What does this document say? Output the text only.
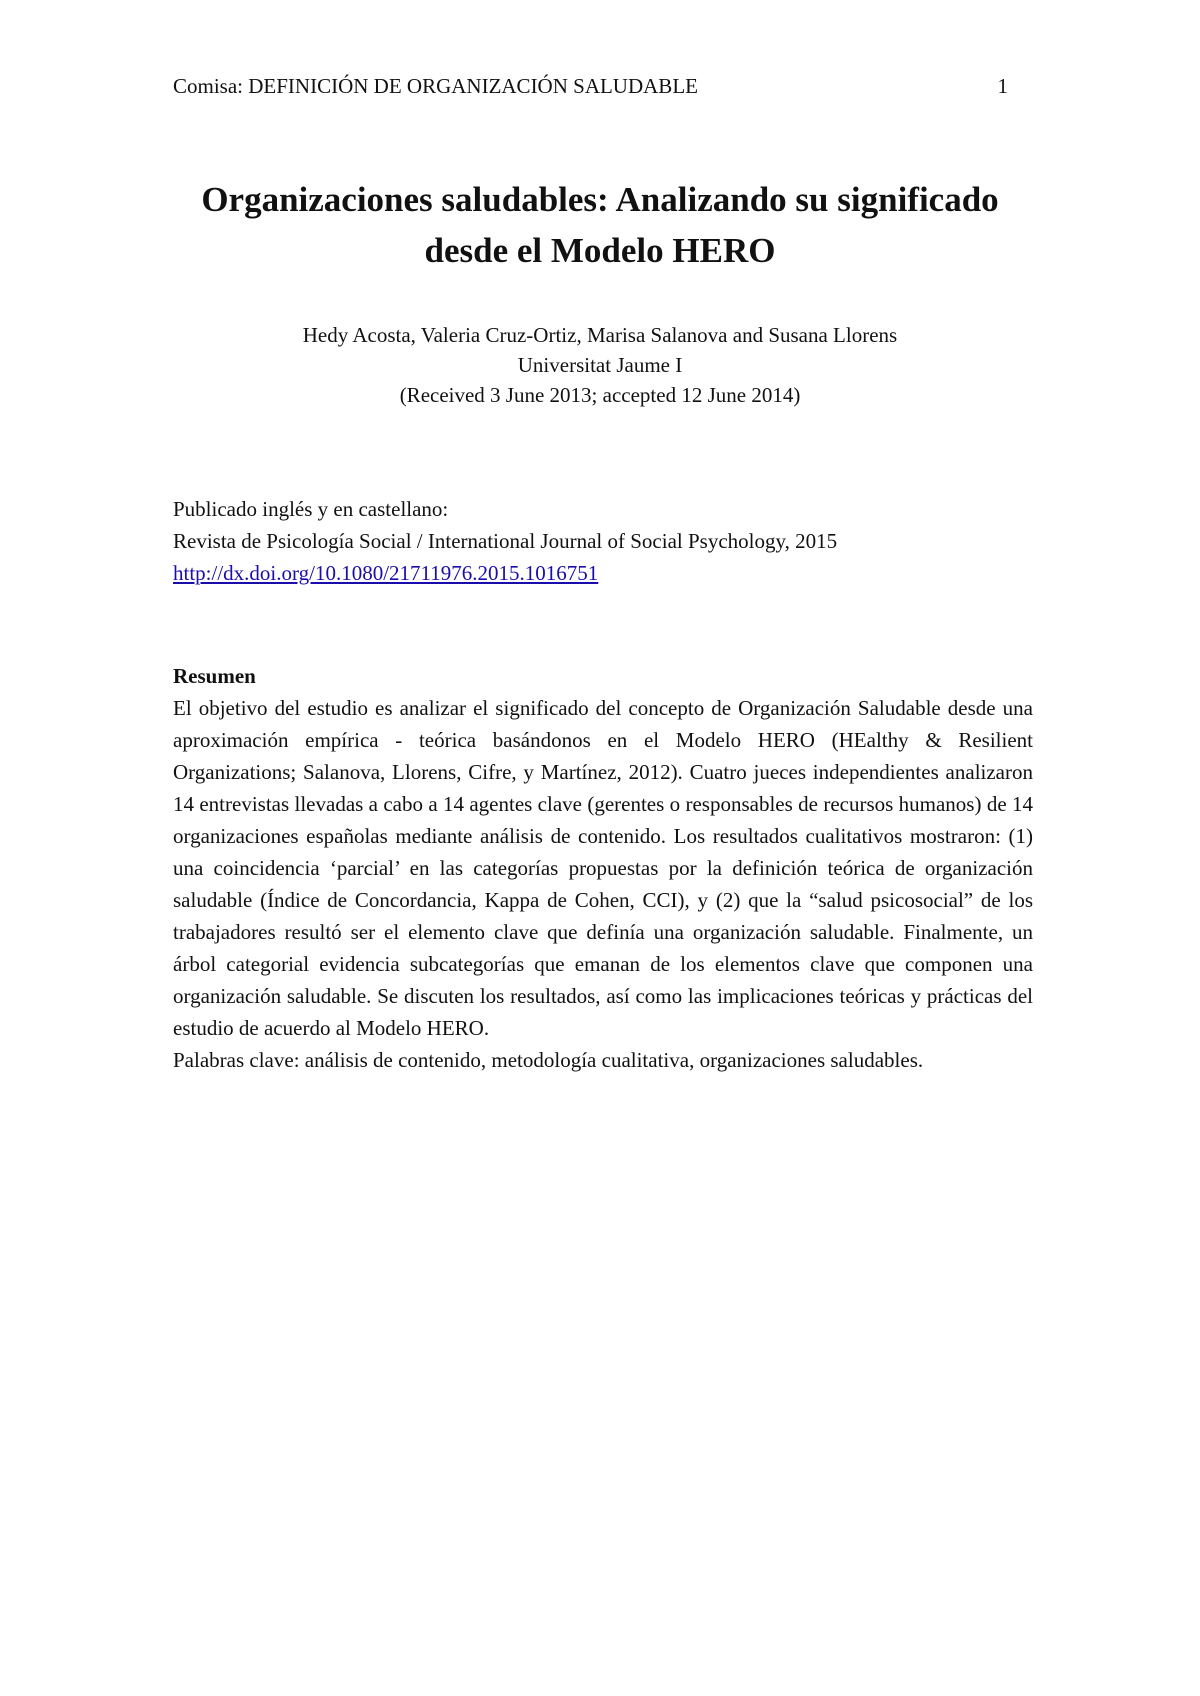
Comisa: DEFINICIÓN DE ORGANIZACIÓN SALUDABLE	1
Organizaciones saludables: Analizando su significado
desde el Modelo HERO
Hedy Acosta, Valeria Cruz-Ortiz, Marisa Salanova and Susana Llorens
Universitat Jaume I
(Received 3 June 2013; accepted 12 June 2014)
Publicado inglés y en castellano:
Revista de Psicología Social / International Journal of Social Psychology, 2015
http://dx.doi.org/10.1080/21711976.2015.1016751
Resumen

El objetivo del estudio es analizar el significado del concepto de Organización Saludable desde una aproximación empírica - teórica basándonos en el Modelo HERO (HEalthy & Resilient Organizations; Salanova, Llorens, Cifre, y Martínez, 2012). Cuatro jueces independientes analizaron 14 entrevistas llevadas a cabo a 14 agentes clave (gerentes o responsables de recursos humanos) de 14 organizaciones españolas mediante análisis de contenido. Los resultados cualitativos mostraron: (1) una coincidencia ‘parcial’ en las categorías propuestas por la definición teórica de organización saludable (Índice de Concordancia, Kappa de Cohen, CCI), y (2) que la “salud psicosocial” de los trabajadores resultó ser el elemento clave que definía una organización saludable. Finalmente, un árbol categorial evidencia subcategorías que emanan de los elementos clave que componen una organización saludable. Se discuten los resultados, así como las implicaciones teóricas y prácticas del estudio de acuerdo al Modelo HERO.

Palabras clave: análisis de contenido, metodología cualitativa, organizaciones saludables.
